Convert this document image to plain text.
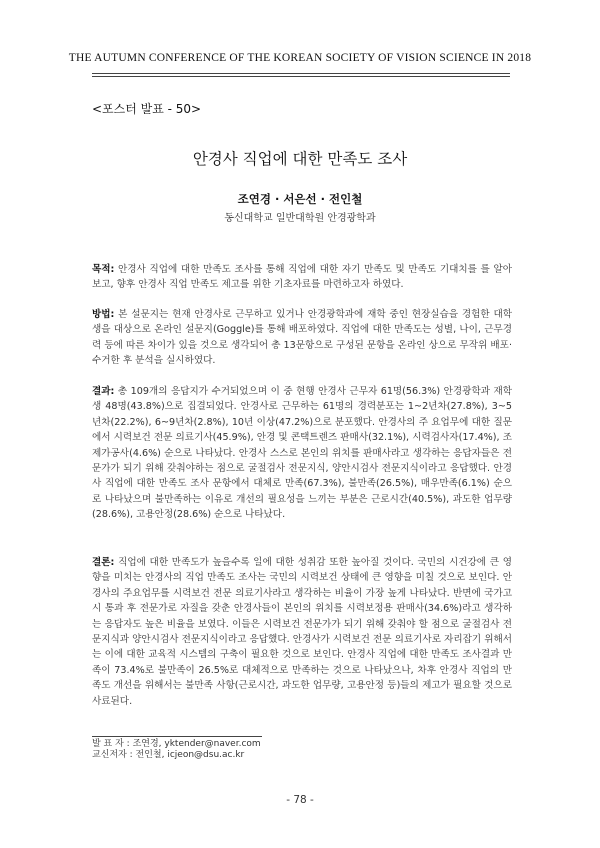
THE AUTUMN CONFERENCE OF THE KOREAN SOCIETY OF VISION SCIENCE IN 2018
<포스터 발표 - 50>
안경사 직업에 대한 만족도 조사
조연경 · 서은선 · 전인철
동신대학교 일반대학원 안경광학과
목적: 안경사 직업에 대한 만족도 조사를 통해 직업에 대한 자기 만족도 및 만족도 기대치를 를 알아보고, 향후 안경사 직업 만족도 제고를 위한 기초자료를 마련하고자 하였다.
방법: 본 설문지는 현재 안경사로 근무하고 있거나 안경광학과에 재학 중인 현장실습을 경험한 대학생을 대상으로 온라인 설문지(Goggle)를 통해 배포하였다. 직업에 대한 만족도는 성별, 나이, 근무경력 등에 따른 차이가 있을 것으로 생각되어 총 13문항으로 구성된 문항을 온라인 상으로 무작위 배포·수거한 후 분석을 실시하였다.
결과: 총 109개의 응답지가 수거되었으며 이 중 현행 안경사 근무자 61명(56.3%) 안경광학과 재학생 48명(43.8%)으로 집결되었다. 안경사로 근무하는 61명의 경력분포는 1~2년차(27.8%), 3~5년차(22.2%), 6~9년차(2.8%), 10년 이상(47.2%)으로 분포했다. 안경사의 주 요업무에 대한 질문에서 시력보건 전문 의료기사(45.9%), 안경 및 콘택트렌즈 판매사(32.1%), 시력검사자(17.4%), 조제가공사(4.6%) 순으로 나타났다. 안경사 스스로 본인의 위치를 판매사라고 생각하는 응답자들은 전문가가 되기 위해 갖춰야하는 점으로 굴절검사 전문지식, 양안시검사 전문지식이라고 응답했다. 안경사 직업에 대한 만족도 조사 문항에서 대체로 만족(67.3%), 불만족(26.5%), 매우만족(6.1%) 순으로 나타났으며 불만족하는 이유로 개선의 필요성을 느끼는 부분은 근로시간(40.5%), 과도한 업무량(28.6%), 고용안정(28.6%) 순으로 나타났다.
결론: 직업에 대한 만족도가 높을수록 일에 대한 성취감 또한 높아질 것이다. 국민의 시건강에 큰 영향을 미치는 안경사의 직업 만족도 조사는 국민의 시력보건 상태에 큰 영향을 미칠 것으로 보인다. 안경사의 주요업무를 시력보건 전문 의료기사라고 생각하는 비율이 가장 높게 나타났다. 반면에 국가고시 통과 후 전문가로 자질을 갖춘 안경사들이 본인의 위치를 시력보정용 판매사(34.6%)라고 생각하는 응답자도 높은 비율을 보였다. 이들은 시력보건 전문가가 되기 위해 갖춰야 할 점으로 굴절검사 전문지식과 양안시검사 전문지식이라고 응답했다. 안경사가 시력보건 전문 의료기사로 자리잡기 위해서는 이에 대한 교육적 시스템의 구축이 필요한 것으로 보인다. 안경사 직업에 대한 만족도 조사결과 만족이 73.4%로 불만족이 26.5%로 대체적으로 만족하는 것으로 나타났으나, 차후 안경사 직업의 만족도 개선을 위해서는 불만족 사항(근로시간, 과도한 업무량, 고용안정 등)들의 제고가 필요할 것으로 사료된다.
발 표 자 : 조연경, yktender@naver.com
교신저자 : 전인철, icjeon@dsu.ac.kr
- 78 -
